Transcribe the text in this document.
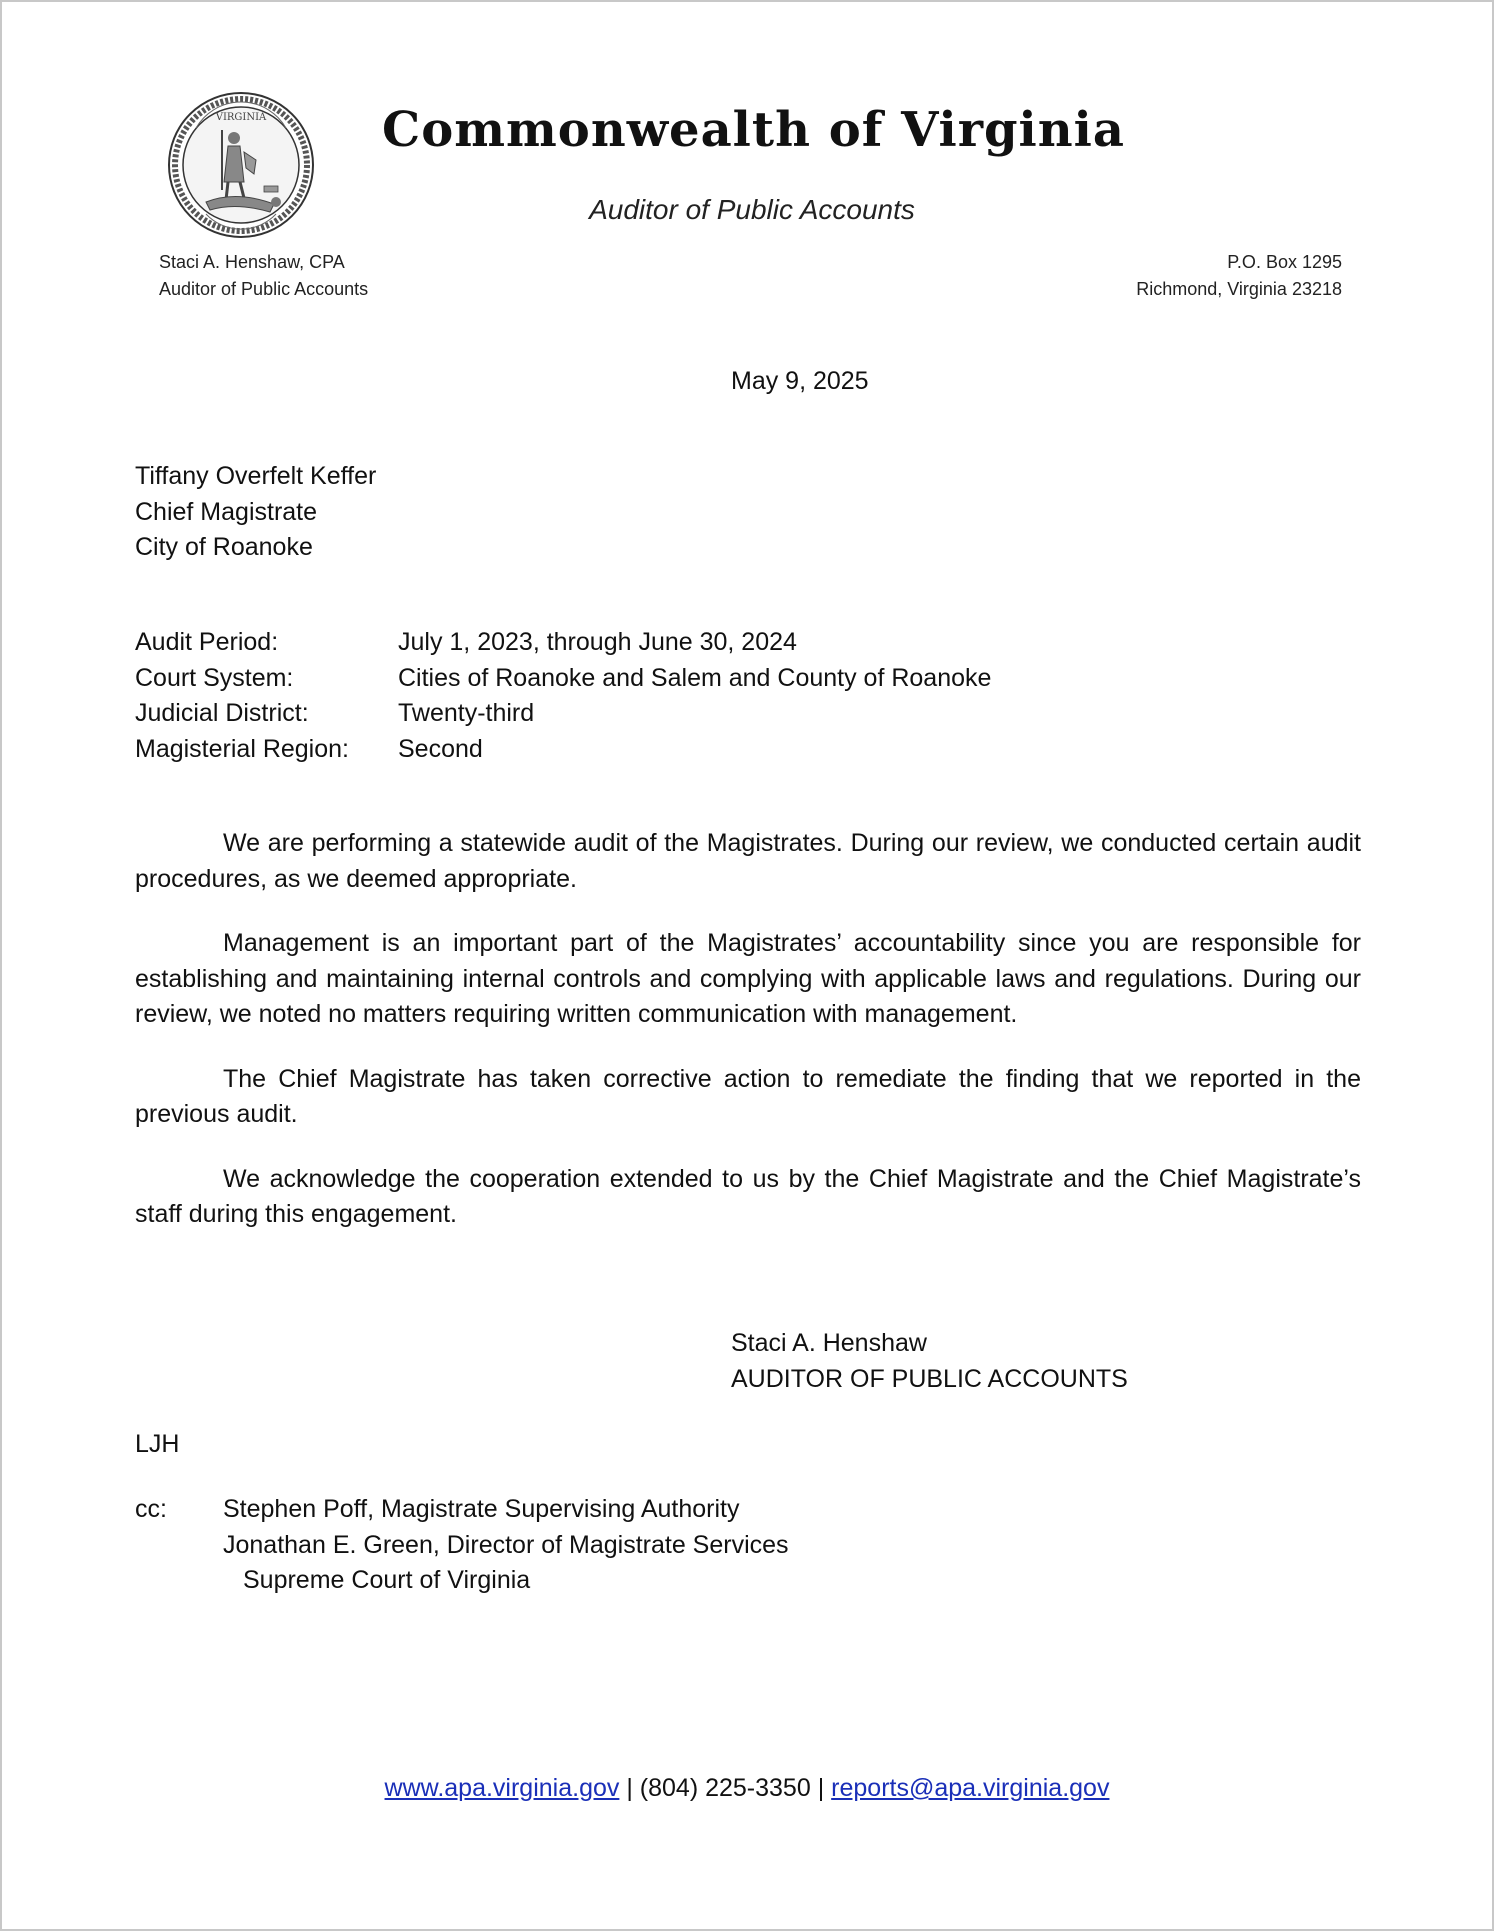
VIRGINIA Commonwealth of Virginia
Auditor of Public Accounts
Staci A. Henshaw, CPA
Auditor of Public Accounts
P.O. Box 1295
Richmond, Virginia 23218
May 9, 2025
Tiffany Overfelt Keffer
Chief Magistrate
City of Roanoke
Audit Period:	July 1, 2023, through June 30, 2024
Court System:	Cities of Roanoke and Salem and County of Roanoke
Judicial District:	Twenty-third
Magisterial Region:	Second

We are performing a statewide audit of the Magistrates. During our review, we conducted certain audit procedures, as we deemed appropriate.

Management is an important part of the Magistrates’ accountability since you are responsible for establishing and maintaining internal controls and complying with applicable laws and regulations. During our review, we noted no matters requiring written communication with management.

The Chief Magistrate has taken corrective action to remediate the finding that we reported in the previous audit.

We acknowledge the cooperation extended to us by the Chief Magistrate and the Chief Magistrate’s staff during this engagement.

Staci A. Henshaw
AUDITOR OF PUBLIC ACCOUNTS
LJH
cc:	Stephen Poff, Magistrate Supervising Authority
Jonathan E. Green, Director of Magistrate Services
Supreme Court of Virginia
www.apa.virginia.gov | (804) 225-3350 | reports@apa.virginia.gov
